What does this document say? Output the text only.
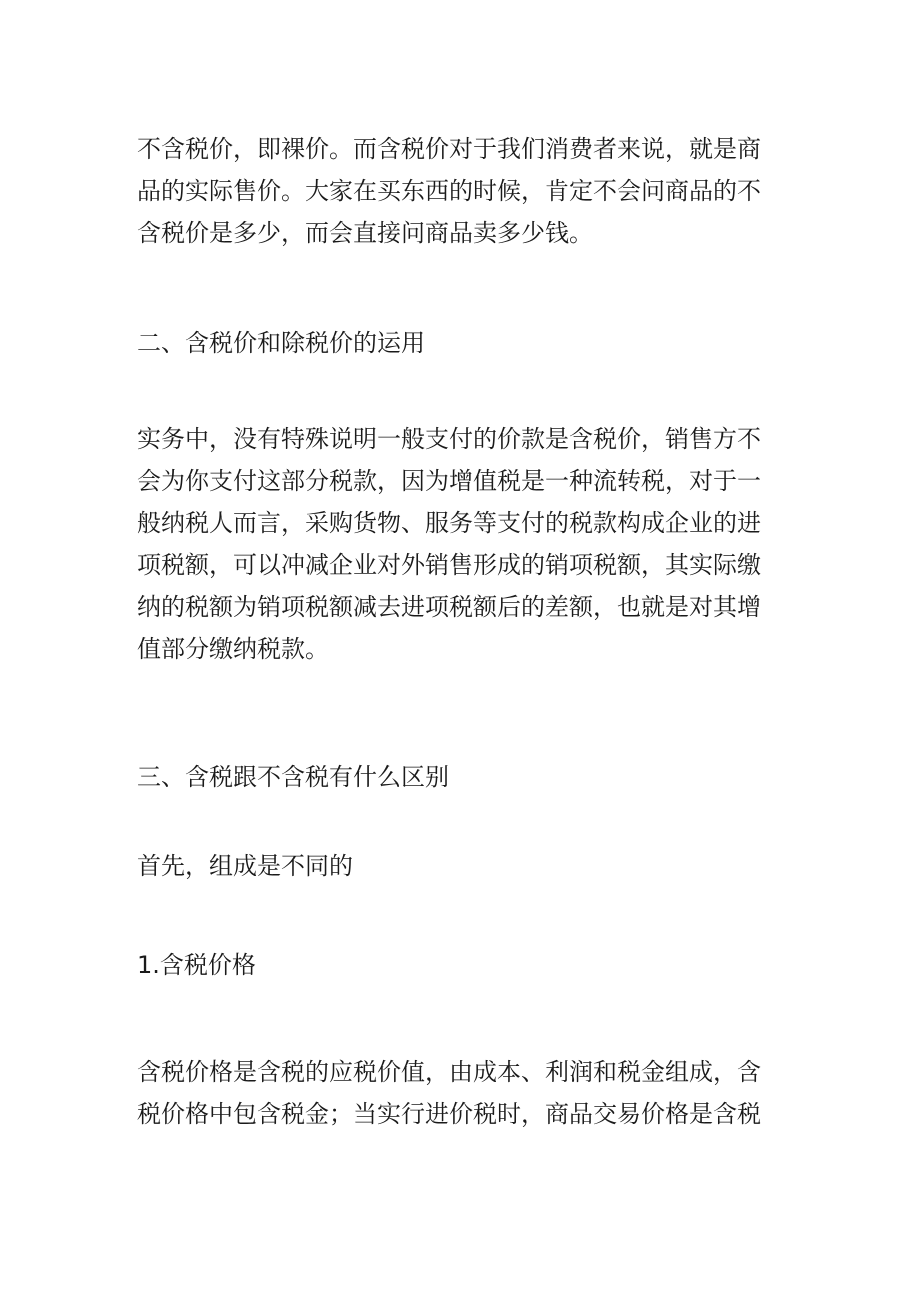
不含税价，即裸价。而含税价对于我们消费者来说，就是商
品的实际售价。大家在买东西的时候，肯定不会问商品的不
含税价是多少，而会直接问商品卖多少钱。

二、含税价和除税价的运用

实务中，没有特殊说明一般支付的价款是含税价，销售方不
会为你支付这部分税款，因为增值税是一种流转税，对于一
般纳税人而言，采购货物、服务等支付的税款构成企业的进
项税额，可以冲减企业对外销售形成的销项税额，其实际缴
纳的税额为销项税额减去进项税额后的差额，也就是对其增
值部分缴纳税款。

三、含税跟不含税有什么区别

首先，组成是不同的

1.含税价格

含税价格是含税的应税价值，由成本、利润和税金组成，含
税价格中包含税金；当实行进价税时，商品交易价格是含税
